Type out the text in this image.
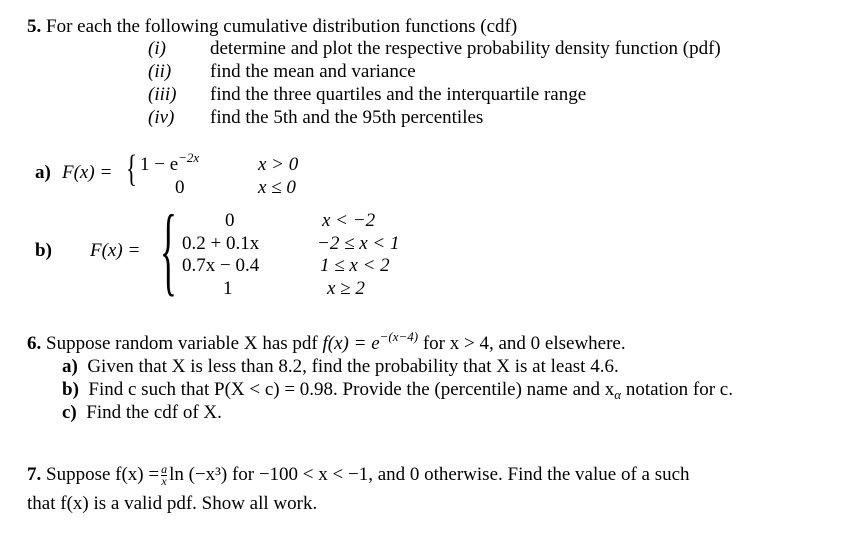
5. For each the following cumulative distribution functions (cdf)
(i) determine and plot the respective probability density function (pdf)
(ii) find the mean and variance
(iii) find the three quartiles and the interquartile range
(iv) find the 5th and the 95th percentiles
a) F(x) = { $1 - e^{-2x}$	x > 0
0	x ≤ 0
b) F(x) = {	0	x < −2
0.2 + 0.1x	−2 ≤ x < 1
0.7x − 0.4	1 ≤ x < 2
1	x ≥ 2
6. Suppose random variable X has pdf $f(x) = e^{-(x-4)}$ for x > 4, and 0 elsewhere.
a) Given that X is less than 8.2, find the probability that X is at least 4.6.
b) Find c such that P(X < c) = 0.98. Provide the (percentile) name and $x_\alpha$ notation for c.
c) Find the cdf of X.
7. Suppose $f(x) = \frac{a}{x}$ ln (−x³) for −100 < x < −1, and 0 otherwise. Find the value of a such
that f(x) is a valid pdf. Show all work.
